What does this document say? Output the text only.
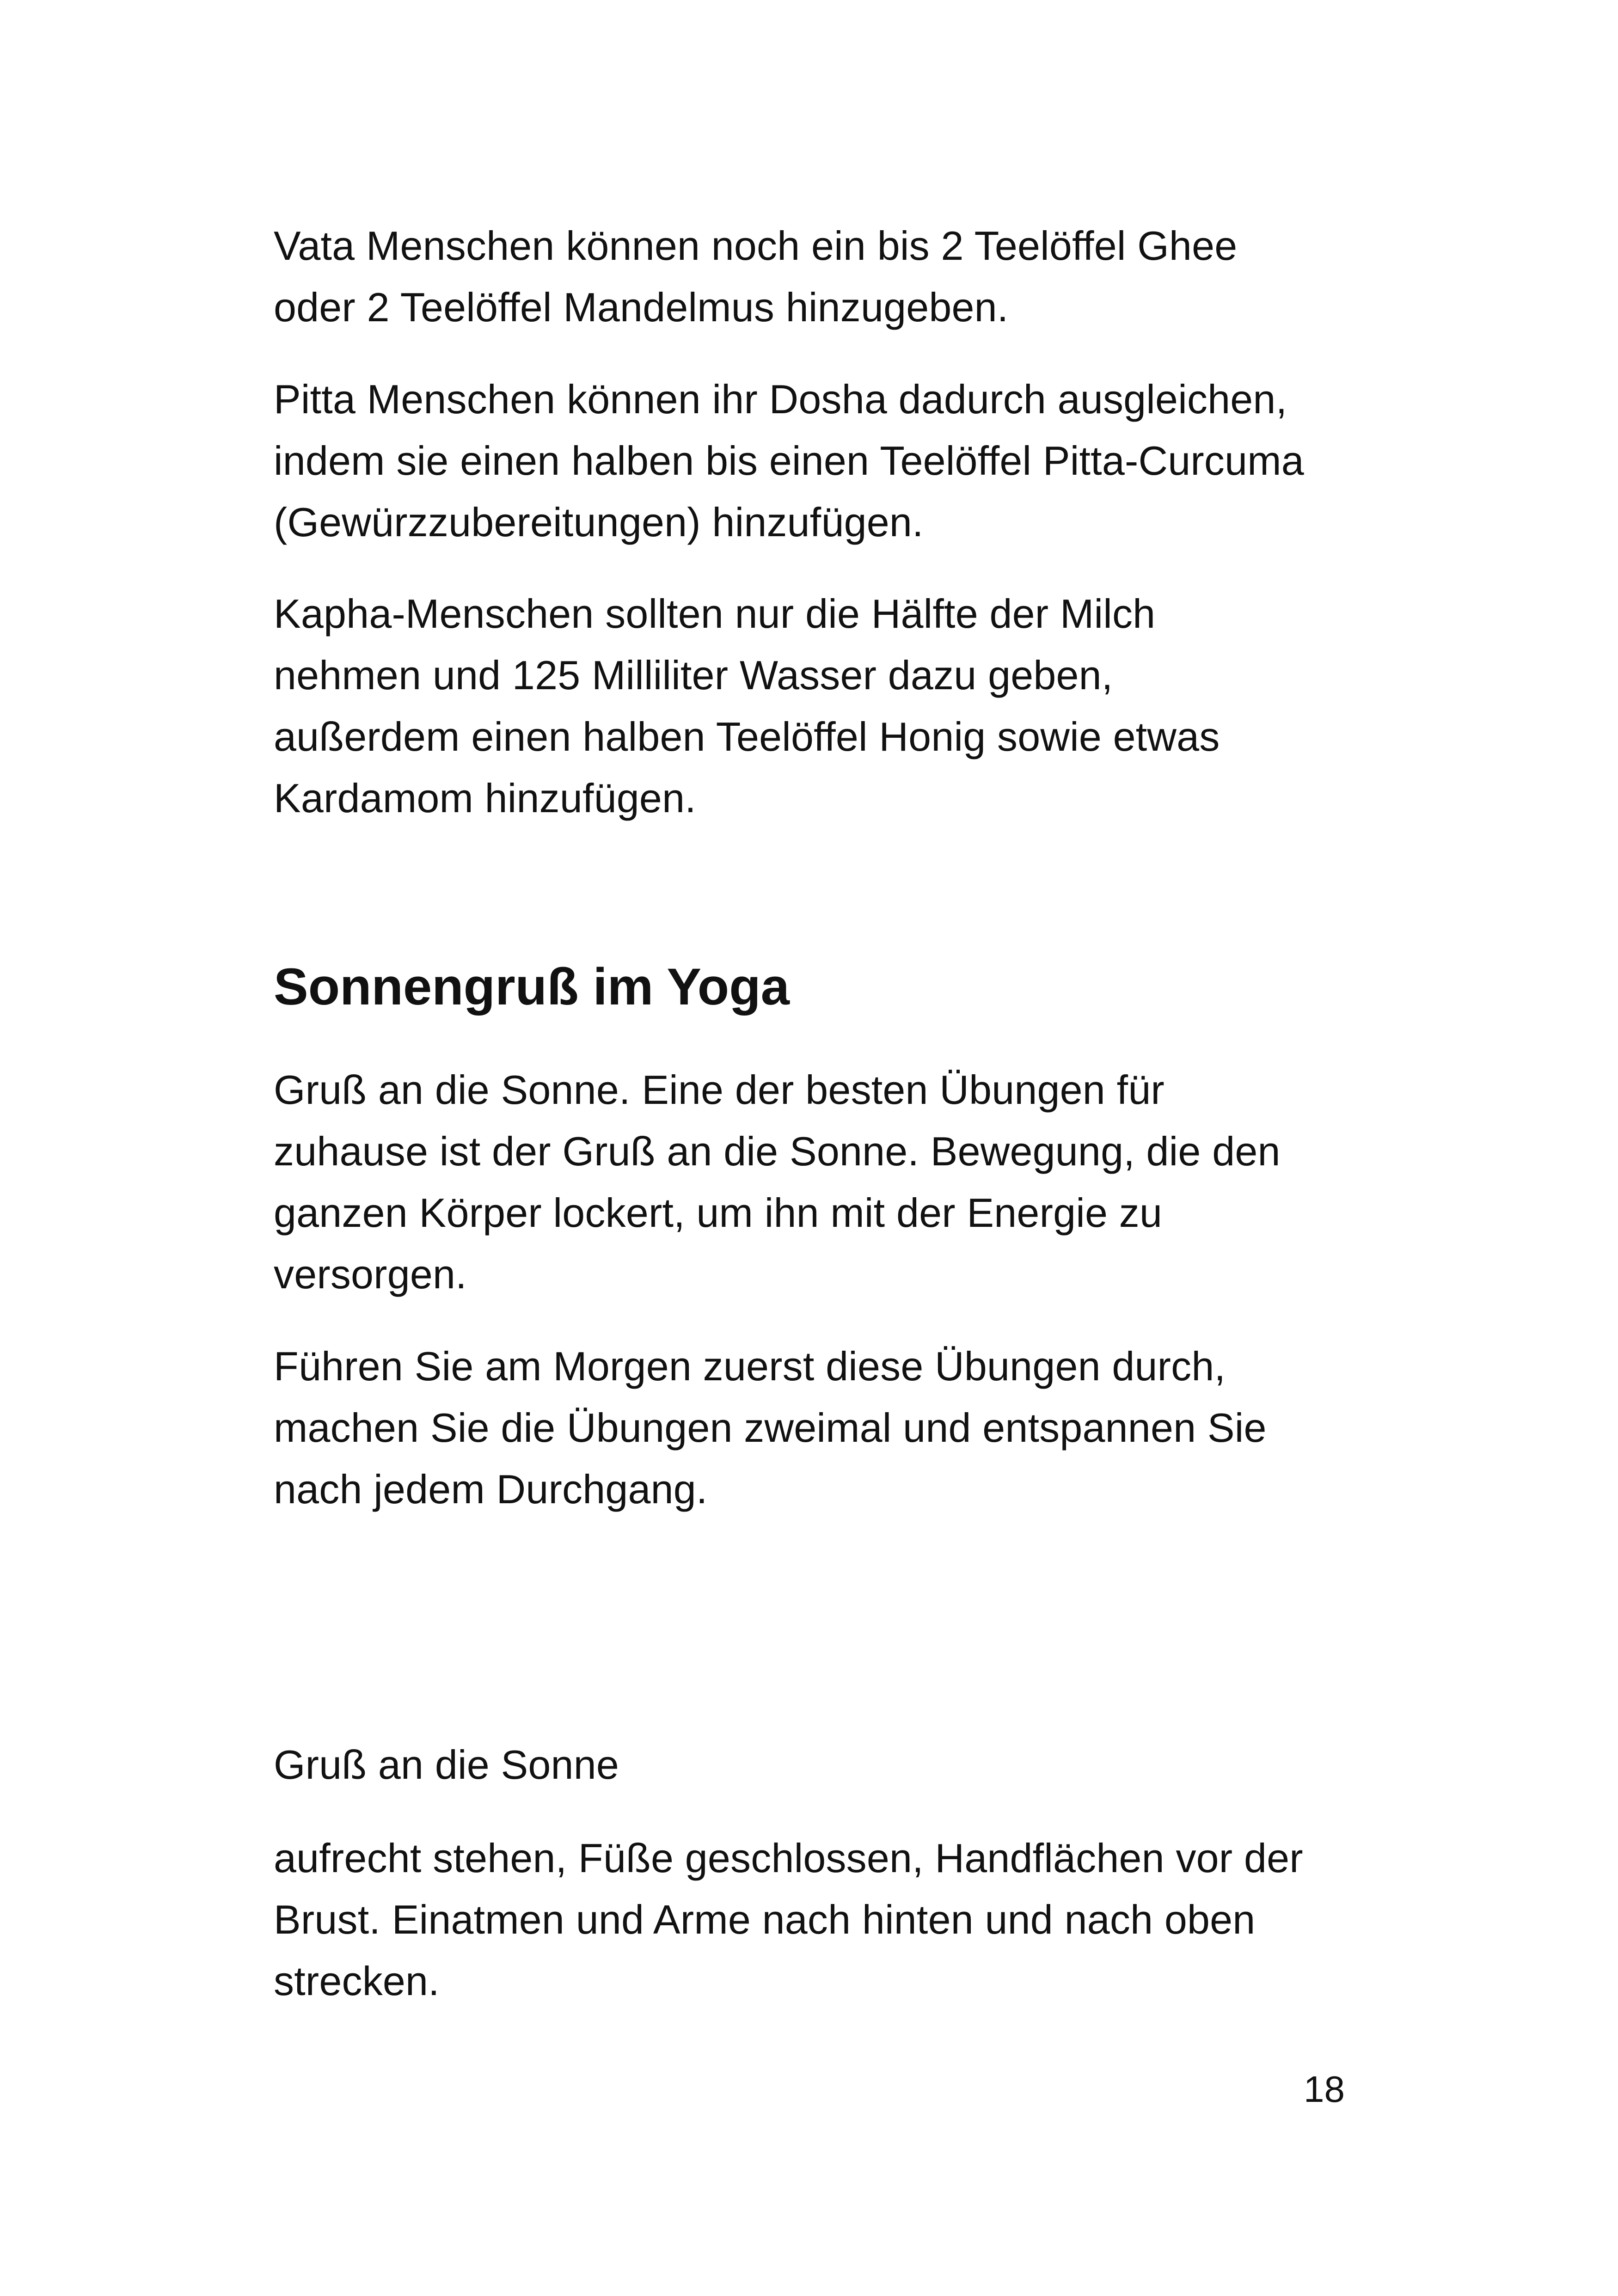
Vata Menschen können noch ein bis 2 Teelöffel Ghee
oder 2 Teelöffel Mandelmus hinzugeben.
Pitta Menschen können ihr Dosha dadurch ausgleichen,
indem sie einen halben bis einen Teelöffel Pitta-Curcuma
(Gewürzzubereitungen) hinzufügen.
Kapha-Menschen sollten nur die Hälfte der Milch
nehmen und 125 Milliliter Wasser dazu geben,
außerdem einen halben Teelöffel Honig sowie etwas
Kardamom hinzufügen.
Sonnengruß im Yoga
Gruß an die Sonne. Eine der besten Übungen für
zuhause ist der Gruß an die Sonne. Bewegung, die den
ganzen Körper lockert, um ihn mit der Energie zu
versorgen.
Führen Sie am Morgen zuerst diese Übungen durch,
machen Sie die Übungen zweimal und entspannen Sie
nach jedem Durchgang.
Gruß an die Sonne
aufrecht stehen, Füße geschlossen, Handflächen vor der
Brust. Einatmen und Arme nach hinten und nach oben
strecken.
18
